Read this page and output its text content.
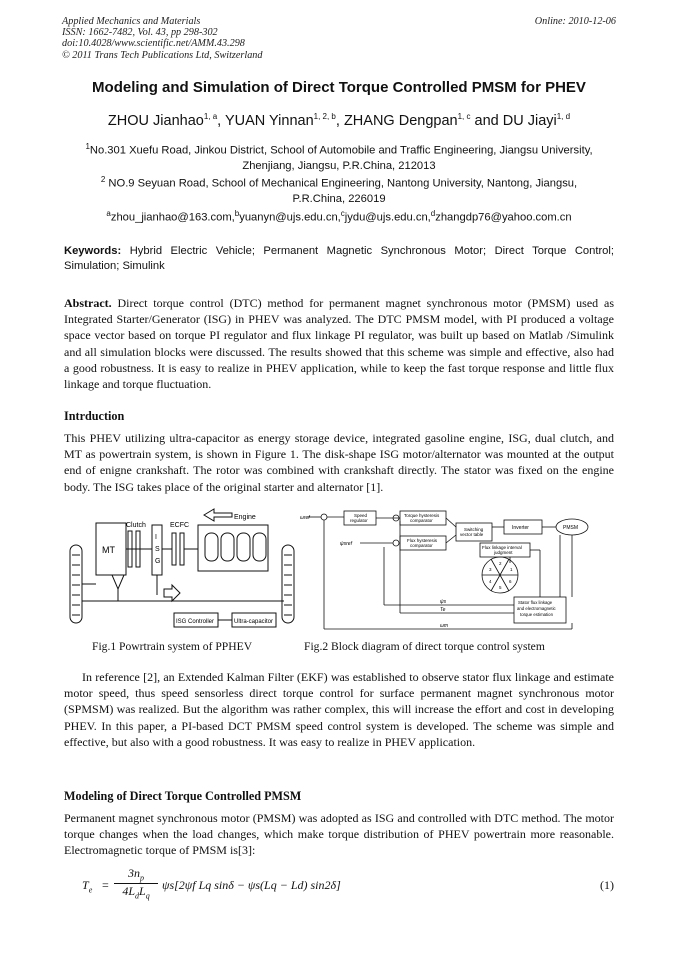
Applied Mechanics and Materials
ISSN: 1662-7482, Vol. 43, pp 298-302
doi:10.4028/www.scientific.net/AMM.43.298
© 2011 Trans Tech Publications Ltd, Switzerland
Online: 2010-12-06
Modeling and Simulation of Direct Torque Controlled PMSM for PHEV
ZHOU Jianhao$^{1, a}$, YUAN Yinnan$^{1, 2, b}$, ZHANG Dengpan$^{1, c}$ and DU Jiayi$^{1, d}$
$^1$No.301 Xuefu Road, Jinkou District, School of Automobile and Traffic Engineering, Jiangsu University, Zhenjiang, Jiangsu, P.R.China, 212013
$^2$ NO.9 Seyuan Road, School of Mechanical Engineering, Nantong University, Nantong, Jiangsu, P.R.China, 226019
$^a$zhou_jianhao@163.com,$^b$yuanyn@ujs.edu.cn,$^c$jydu@ujs.edu.cn,$^d$zhangdp76@yahoo.com.cn
Keywords: Hybrid Electric Vehicle; Permanent Magnetic Synchronous Motor; Direct Torque Control; Simulation; Simulink
Abstract. Direct torque control (DTC) method for permanent magnet synchronous motor (PMSM) used as Integrated Starter/Generator (ISG) in PHEV was analyzed. The DTC PMSM model, with PI produced a voltage space vector based on torque PI regulator and flux linkage PI regulator, was built up based on Matlab /Simulink and all simulation blocks were discussed. The results showed that this scheme was simple and effective, also had a good robustness. It is easy to realize in PHEV application, while to keep the fast torque response and little flux linkage and torque fluctuation.
Intrduction
This PHEV utilizing ultra-capacitor as energy storage device, integrated gasoline engine, ISG, dual clutch, and MT as powertrain system, is shown in Figure 1. The disk-shape ISG motor/alternator was mounted at the output end of enigne crankshaft. The rotor was combined with crankshaft directly. The stator was fixed on the engine body. The ISG takes place of the original starter and alternator [1].
Clutch	ECFC
Engine
MT
I
S
G
ISG Controller	Ultra-capacitor
ωref	Speed
regulator
Torque hysteresis
comparator
Flux hysteresis
comparator
Switching
vector table
Inverter	PMSM
ψsref
Flux linkage interval
judgment
1
2
3
4
5
6
Stator flux linkage
and electromagnetic
torque estimation
ψs
Te
ωm
Fig.1 Powrtrain system of PPHEV	Fig.2 Block diagram of direct torque control system
In reference [2], an Extended Kalman Filter (EKF) was established to observe stator flux linkage and estimate motor speed, thus speed sensorless direct torque control for surface permanent magnet synchronous motor (SPMSM) was realized. But the algorithm was rather complex, this will increase the effort and cost in developing PHEV. In this paper, a PI-based DCT PMSM speed control system is developed. The scheme was simple and effective, but also with a good robustness. It was easy to realize in PHEV application.
Modeling of Direct Torque Controlled PMSM
Permanent magnet synchronous motor (PMSM) was adopted as ISG and controlled with DTC method. The motor torque changes when the load changes, which make torque distribution of PHEV powertrain more reasonable. Electromagnetic torque of PMSM is[3]:
$T_e$ =
$3n_p$
$4L_dL_q$
ψs[2ψf Lq sinδ − ψs(Lq − Ld) sin2δ]	(1)
